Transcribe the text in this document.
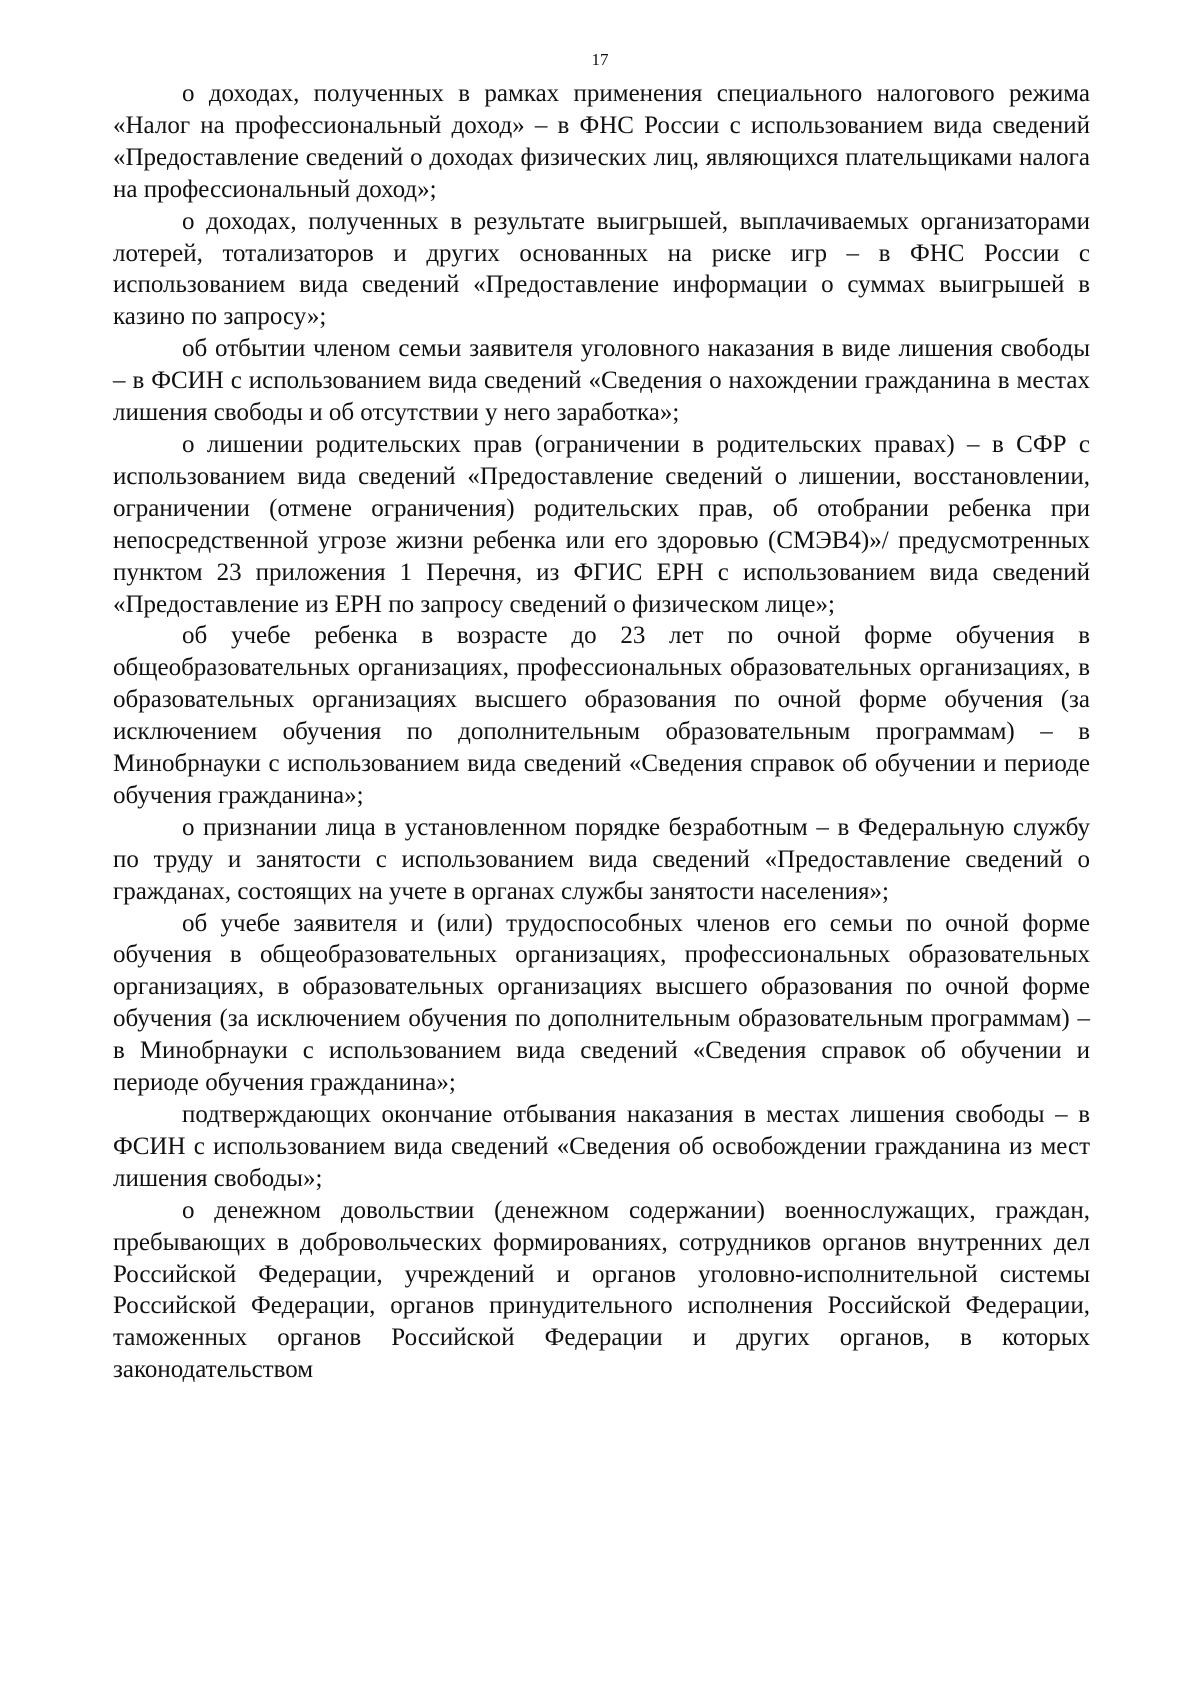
17

о доходах, полученных в рамках применения специального налогового режима «Налог на профессиональный доход» – в ФНС России с использованием вида сведений «Предоставление сведений о доходах физических лиц, являющихся плательщиками налога на профессиональный доход»;

о доходах, полученных в результате выигрышей, выплачиваемых организаторами лотерей, тотализаторов и других основанных на риске игр – в ФНС России с использованием вида сведений «Предоставление информации о суммах выигрышей в казино по запросу»;

об отбытии членом семьи заявителя уголовного наказания в виде лишения свободы – в ФСИН с использованием вида сведений «Сведения о нахождении гражданина в местах лишения свободы и об отсутствии у него заработка»;

о лишении родительских прав (ограничении в родительских правах) – в СФР с использованием вида сведений «Предоставление сведений о лишении, восстановлении, ограничении (отмене ограничения) родительских прав, об отобрании ребенка при непосредственной угрозе жизни ребенка или его здоровью (СМЭВ4)»/ предусмотренных пунктом 23 приложения 1 Перечня, из ФГИС ЕРН с использованием вида сведений «Предоставление из ЕРН по запросу сведений о физическом лице»;

об учебе ребенка в возрасте до 23 лет по очной форме обучения в общеобразовательных организациях, профессиональных образовательных организациях, в образовательных организациях высшего образования по очной форме обучения (за исключением обучения по дополнительным образовательным программам) – в Минобрнауки с использованием вида сведений «Сведения справок об обучении и периоде обучения гражданина»;

о признании лица в установленном порядке безработным – в Федеральную службу по труду и занятости с использованием вида сведений «Предоставление сведений о гражданах, состоящих на учете в органах службы занятости населения»;

об учебе заявителя и (или) трудоспособных членов его семьи по очной форме обучения в общеобразовательных организациях, профессиональных образовательных организациях, в образовательных организациях высшего образования по очной форме обучения (за исключением обучения по дополнительным образовательным программам) – в Минобрнауки с использованием вида сведений «Сведения справок об обучении и периоде обучения гражданина»;

подтверждающих окончание отбывания наказания в местах лишения свободы – в ФСИН с использованием вида сведений «Сведения об освобождении гражданина из мест лишения свободы»;

о денежном довольствии (денежном содержании) военнослужащих, граждан, пребывающих в добровольческих формированиях, сотрудников органов внутренних дел Российской Федерации, учреждений и органов уголовно-исполнительной системы Российской Федерации, органов принудительного исполнения Российской Федерации, таможенных органов Российской Федерации и других органов, в которых законодательством
